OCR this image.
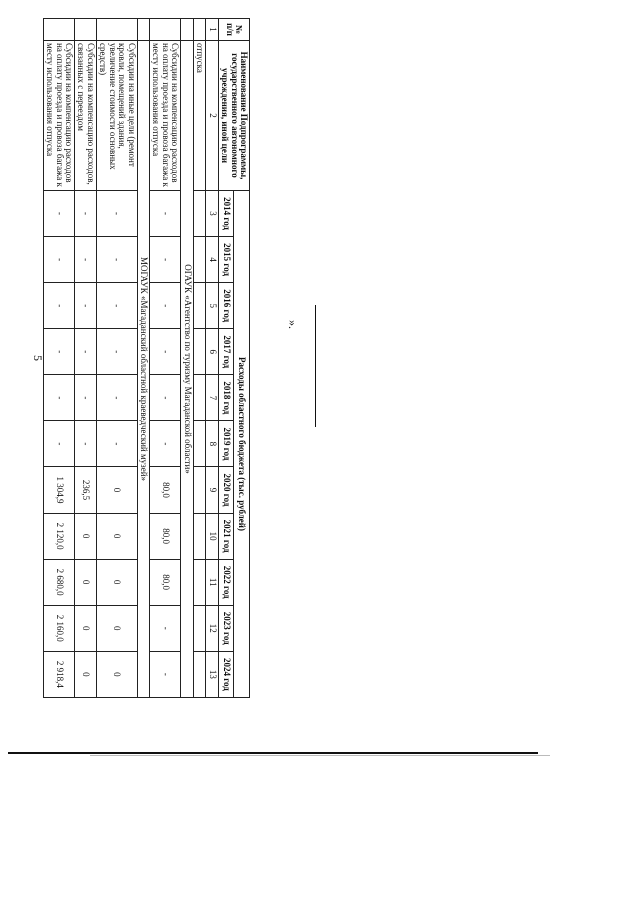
5
№ п/п	Наименование Подпрограммы, государственного автономного учреждения, иной цели	Расходы областного бюджета (тыс. рублей)										
		2014 год	2015 год	2016 год	2017 год	2018 год	2019 год	2020 год	2021 год	2022 год	2023 год	2024 год
1	2	3	4	5	6	7	8	9	10	11	12	13
	отпуска											
	ОГАУК «Агентство по туризму Магаданской области»											
	Субсидии на компенсацию расходов на оплату проезда и провоза багажа к месту использования отпуска	-	-	-	-	-	-	80,0	80,0	80,0	-	-
	МОГАУК «Магаданский областной краеведческий музей»											
	Субсидии на иные цели (ремонт кровли, помещений здания, увеличение стоимости основных средств)	-	-	-	-	-	-	0	0	0	0	0
	Субсидии на компенсацию расходов, связанных с переездом	-	-	-	-	-	-	236,5	0	0	0	0
	Субсидии на компенсацию расходов на оплату проезда и провоза багажа к месту использования отпуска	-	-	-	-	-	-	1 304,9	2 120,0	2 680,0	2 160,0	2 918,4
».
